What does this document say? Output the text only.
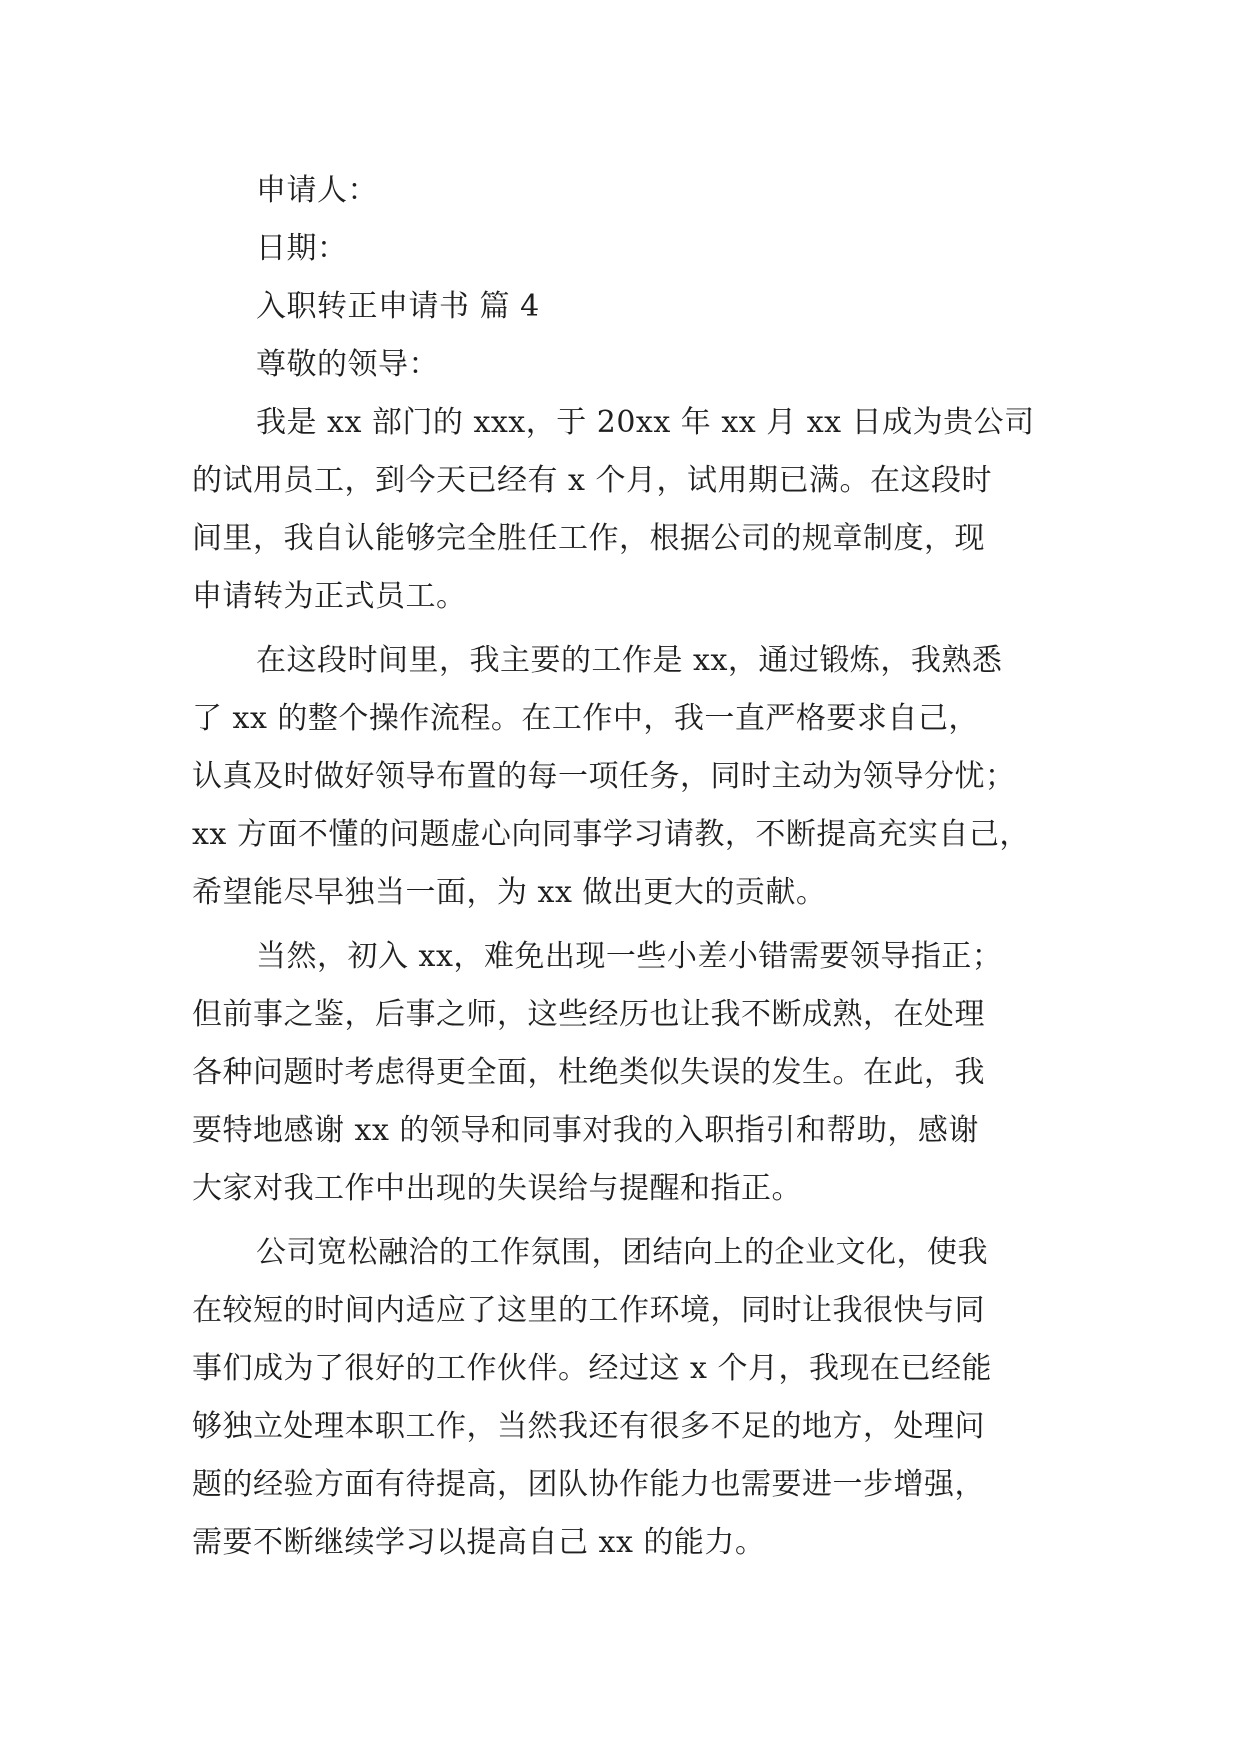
申请人：

日期：

入职转正申请书 篇 4

尊敬的领导：

我是 xx 部门的 xxx，于 20xx 年 xx 月 xx 日成为贵公司

的试用员工，到今天已经有 x 个月，试用期已满。在这段时

间里，我自认能够完全胜任工作，根据公司的规章制度，现

申请转为正式员工。

在这段时间里，我主要的工作是 xx，通过锻炼，我熟悉

了 xx 的整个操作流程。在工作中，我一直严格要求自己，

认真及时做好领导布置的每一项任务，同时主动为领导分忧；

xx 方面不懂的问题虚心向同事学习请教，不断提高充实自己，

希望能尽早独当一面，为 xx 做出更大的贡献。

当然，初入 xx，难免出现一些小差小错需要领导指正；

但前事之鉴，后事之师，这些经历也让我不断成熟，在处理

各种问题时考虑得更全面，杜绝类似失误的发生。在此，我

要特地感谢 xx 的领导和同事对我的入职指引和帮助，感谢

大家对我工作中出现的失误给与提醒和指正。

公司宽松融洽的工作氛围，团结向上的企业文化，使我

在较短的时间内适应了这里的工作环境，同时让我很快与同

事们成为了很好的工作伙伴。经过这 x 个月，我现在已经能

够独立处理本职工作，当然我还有很多不足的地方，处理问

题的经验方面有待提高，团队协作能力也需要进一步增强，

需要不断继续学习以提高自己 xx 的能力。
